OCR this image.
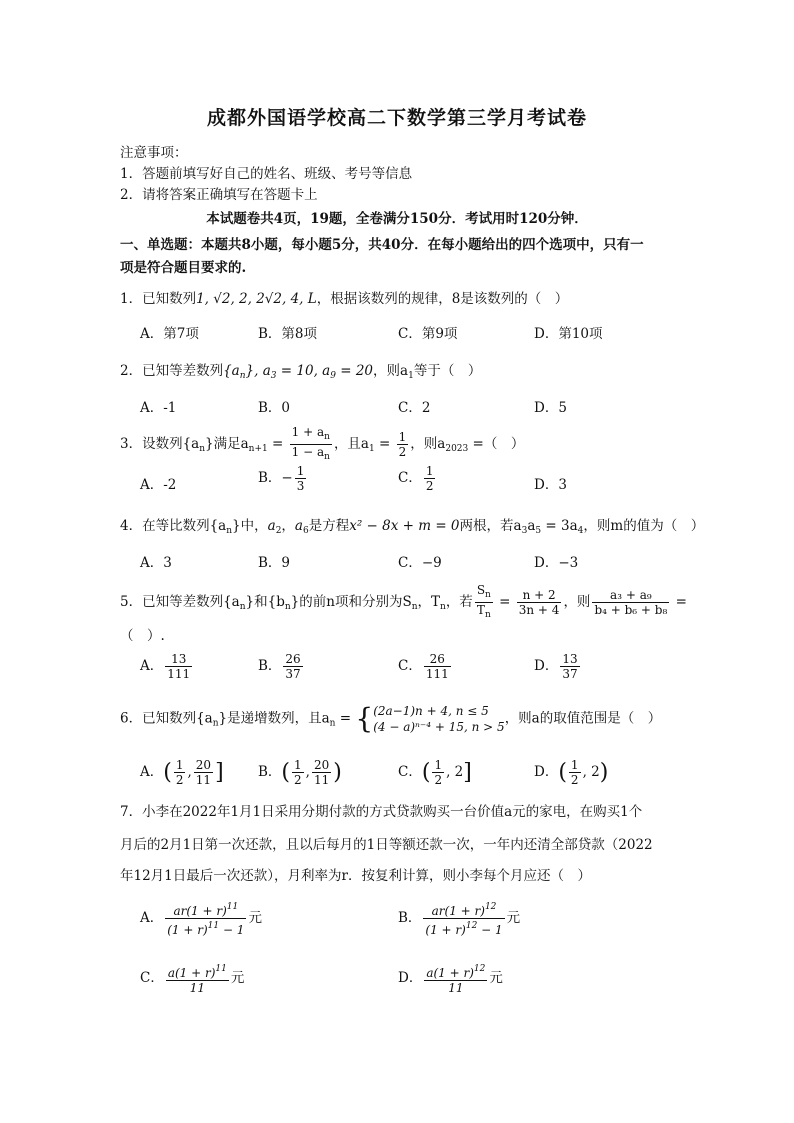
成都外国语学校高二下数学第三学月考试卷
注意事项：
1．答题前填写好自己的姓名、班级、考号等信息
2．请将答案正确填写在答题卡上
本试题卷共4页，19题，全卷满分150分．考试用时120分钟．
一、单选题：本题共8小题，每小题5分，共40分．在每小题给出的四个选项中，只有一
项是符合题目要求的.
1．已知数列1, √2, 2, 2√2, 4, L，根据该数列的规律，8是该数列的（　）
A．第7项	B．第8项	C．第9项	D．第10项
2．已知等差数列$\{a_n\}$, $a_3 = 10$, $a_9 = 20$，则$a_1$等于（　）
A．-1	B．0	C．2	D．5
3．设数列$\{a_n\}$满足$a_{n+1} = \frac{1 + a_n}{1 - a_n}$ ，且$a_1 = \frac{1}{2}$ ，则$a_{2023}$ =（　）
A．-2	B．− $\frac{1}{3}$	C． $\frac{1}{2}$	D．3
4．在等比数列$\{a_n\}$中，$a_2$，$a_6$是方程x² − 8x + m = 0两根，若$a_3a_5 = 3a_4$，则m的值为（　）
A．3	B．9	C．−9	D．−3
5．已知等差数列$\{a_n\}$和$\{b_n\}$的前n项和分别为$S_n$，$T_n$，若 $\frac{S_n}{T_n} = \frac{n + 2}{3n + 4}$ ，则 $\frac{\text{a₃ + a₉}}{\text{b₄ + b₆ + b₈}}$ =
（　）.
A． $\frac{13}{111}$	B． $\frac{26}{37}$	C． $\frac{26}{111}$	D． $\frac{13}{37}$
6．已知数列$\{a_n\}$是递增数列，且$a_n = \{(2a-1)n + 4$, n ≤ 5
(4 − a)ⁿ⁻⁴ + 15, n > 5，则a的取值范围是（　）
A．( $\frac{1}{2}$ , $\frac{20}{11}$ ]	B．( $\frac{1}{2}$ , $\frac{20}{11}$ )	C．( $\frac{1}{2}$ , 2]	D．( $\frac{1}{2}$ , 2)
7．小李在2022年1月1日采用分期付款的方式贷款购买一台价值a元的家电，在购买1个
月后的2月1日第一次还款，且以后每月的1日等额还款一次，一年内还清全部贷款（2022
年12月1日最后一次还款），月利率为r．按复利计算，则小李每个月应还（　）
A． $\frac{ar(1 + r)^{11}}{(1 + r)^{11} - 1}$ 元	B． $\frac{ar(1 + r)^{12}}{(1 + r)^{12} - 1}$ 元
C． $\frac{a(1 + r)^{11}}{11}$ 元	D． $\frac{a(1 + r)^{12}}{11}$ 元
